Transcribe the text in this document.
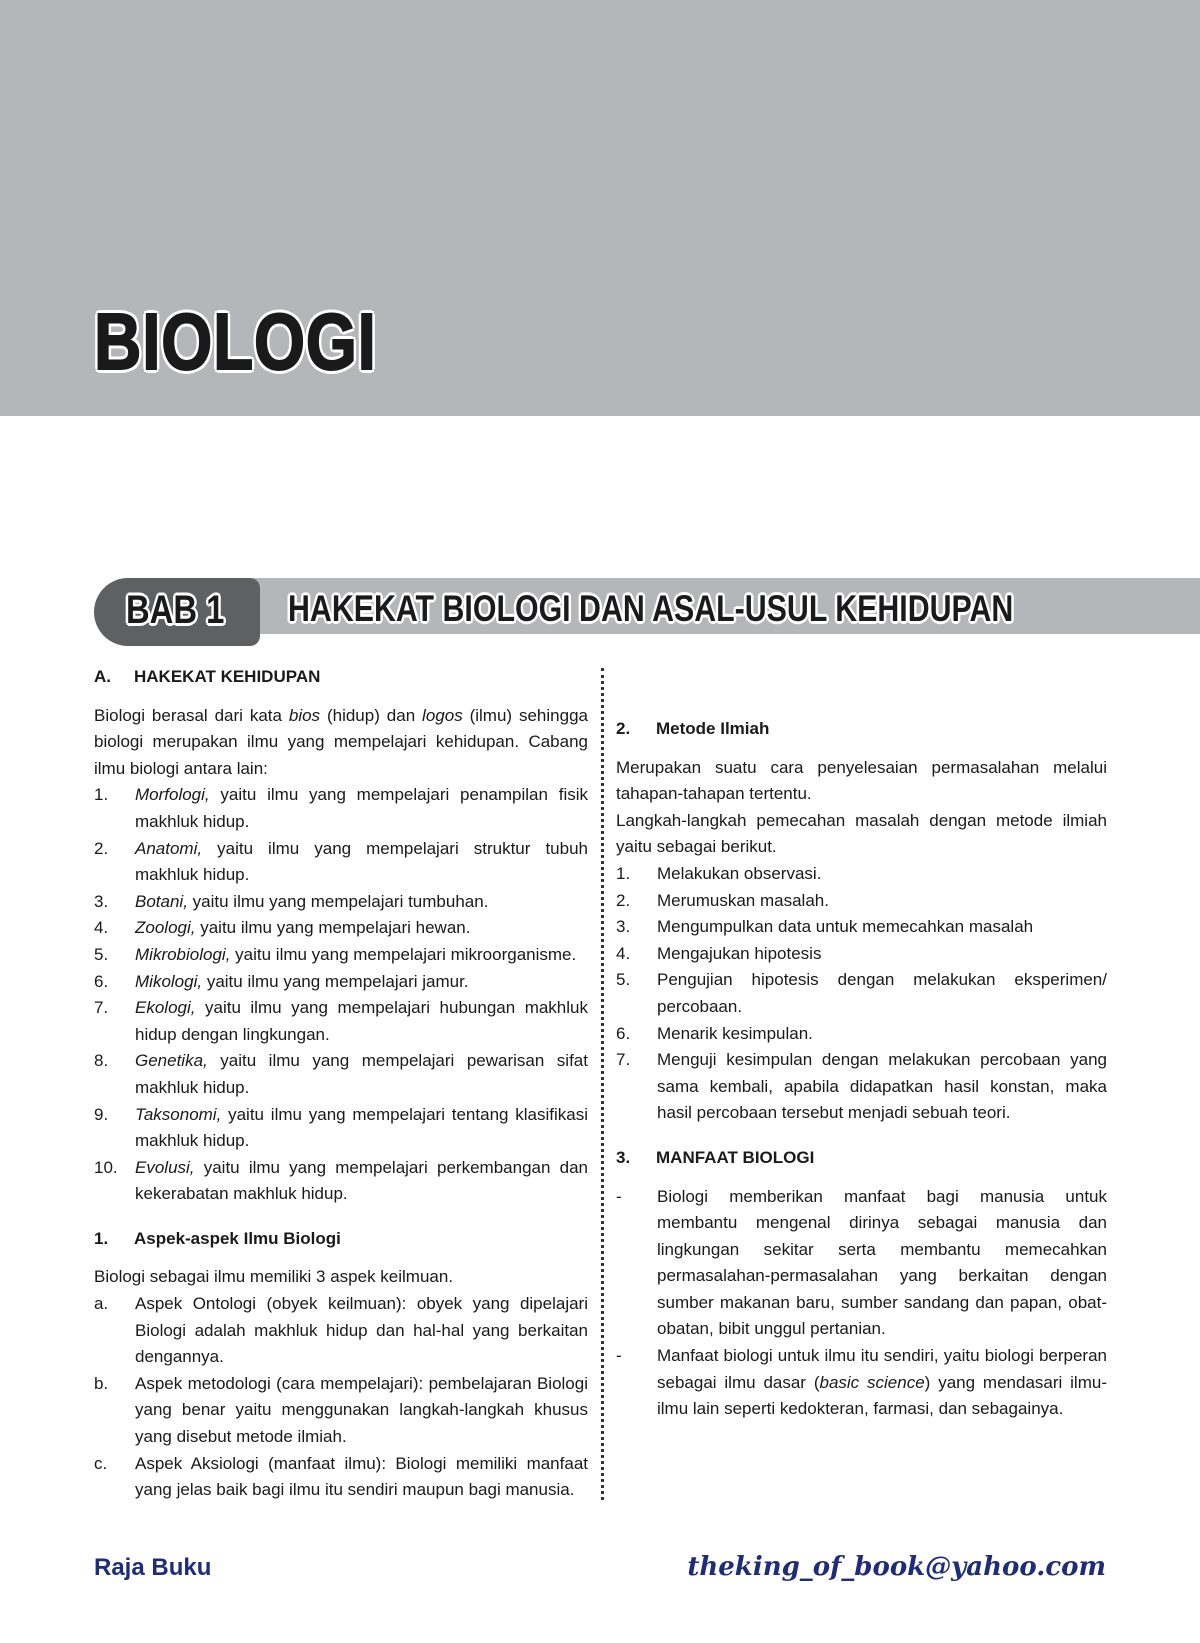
BIOLOGI
BAB 1 HAKEKAT BIOLOGI DAN ASAL-USUL KEHIDUPAN
A.	HAKEKAT KEHIDUPAN

Biologi berasal dari kata bios (hidup) dan logos (ilmu) sehingga biologi merupakan ilmu yang mempelajari kehidupan. Cabang ilmu biologi antara lain:

1.	Morfologi, yaitu ilmu yang mempelajari penampilan fisik makhluk hidup.
2.	Anatomi, yaitu ilmu yang mempelajari struktur tubuh makhluk hidup.
3.	Botani, yaitu ilmu yang mempelajari tumbuhan.
4.	Zoologi, yaitu ilmu yang mempelajari hewan.
5.	Mikrobiologi, yaitu ilmu yang mempelajari mikroorganisme.
6.	Mikologi, yaitu ilmu yang mempelajari jamur.
7.	Ekologi, yaitu ilmu yang mempelajari hubungan makhluk hidup dengan lingkungan.
8.	Genetika, yaitu ilmu yang mempelajari pewarisan sifat makhluk hidup.
9.	Taksonomi, yaitu ilmu yang mempelajari tentang klasifikasi makhluk hidup.
10.	Evolusi, yaitu ilmu yang mempelajari perkembangan dan kekerabatan makhluk hidup.
1.	Aspek-aspek Ilmu Biologi

Biologi sebagai ilmu memiliki 3 aspek keilmuan.

a.	Aspek Ontologi (obyek keilmuan): obyek yang dipelajari Biologi adalah makhluk hidup dan hal-hal yang berkaitan dengannya.
b.	Aspek metodologi (cara mempelajari): pembelajaran Biologi yang benar yaitu menggunakan langkah-langkah khusus yang disebut metode ilmiah.
c.	Aspek Aksiologi (manfaat ilmu): Biologi memiliki manfaat yang jelas baik bagi ilmu itu sendiri maupun bagi manusia.
2.	Metode Ilmiah

Merupakan suatu cara penyelesaian permasalahan melalui tahapan-tahapan tertentu.

Langkah-langkah pemecahan masalah dengan metode ilmiah yaitu sebagai berikut.

1.	Melakukan observasi.
2.	Merumuskan masalah.
3.	Mengumpulkan data untuk memecahkan masalah
4.	Mengajukan hipotesis
5.	Pengujian hipotesis dengan melakukan eksperimen/ percobaan.
6.	Menarik kesimpulan.
7.	Menguji kesimpulan dengan melakukan percobaan yang sama kembali, apabila didapatkan hasil konstan, maka hasil percobaan tersebut menjadi sebuah teori.
3.	MANFAAT BIOLOGI
-	Biologi memberikan manfaat bagi manusia untuk membantu mengenal dirinya sebagai manusia dan lingkungan sekitar serta membantu memecahkan permasalahan-permasalahan yang berkaitan dengan sumber makanan baru, sumber sandang dan papan, obat-obatan, bibit unggul pertanian.
-	Manfaat biologi untuk ilmu itu sendiri, yaitu biologi berperan sebagai ilmu dasar (basic science) yang mendasari ilmu-ilmu lain seperti kedokteran, farmasi, dan sebagainya.

Raja Buku	theking_of_book@yahoo.com
